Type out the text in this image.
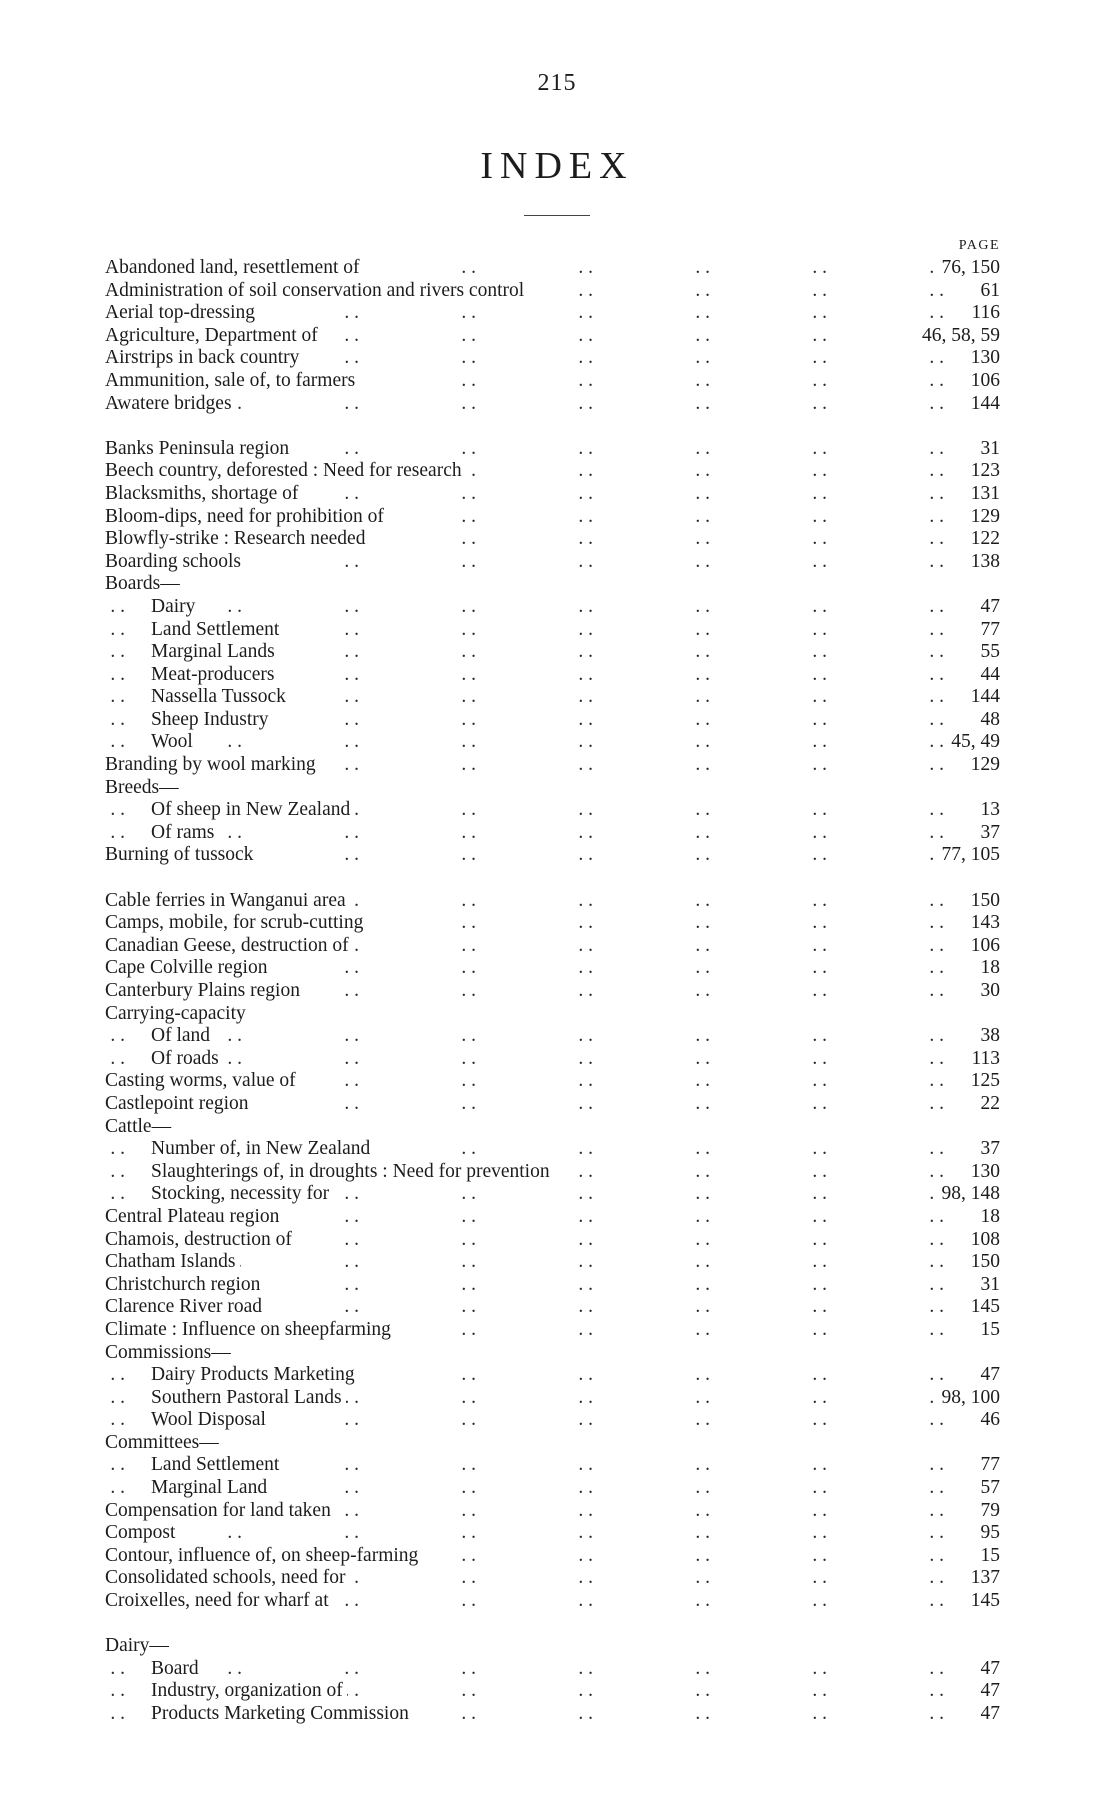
215
INDEX
PAGE
Abandoned land, resettlement of . .	76, 150
Administration of soil conservation and rivers control . .	61
Aerial top-dressing . .	116
Agriculture, Department of . .	46, 58, 59
Airstrips in back country . .	130
Ammunition, sale of, to farmers . .	106
Awatere bridges . .	144
Banks Peninsula region . .	31
Beech country, deforested : Need for research . .	123
Blacksmiths, shortage of . .	131
Bloom-dips, need for prohibition of . .	129
Blowfly-strike : Research needed . .	122
Boarding schools . .	138
Boards—
Dairy . .	47
Land Settlement . .	77
Marginal Lands . .	55
Meat-producers . .	44
Nassella Tussock . .	144
Sheep Industry . .	48
Wool . .	45, 49
Branding by wool marking . .	129
Breeds—
Of sheep in New Zealand . .	13
Of rams . .	37
Burning of tussock . .	77, 105
Cable ferries in Wanganui area . .	150
Camps, mobile, for scrub-cutting . .	143
Canadian Geese, destruction of . .	106
Cape Colville region . .	18
Canterbury Plains region . .	30
Carrying-capacity
Of land . .	38
Of roads . .	113
Casting worms, value of . .	125
Castlepoint region . .	22
Cattle—
Number of, in New Zealand . .	37
Slaughterings of, in droughts : Need for prevention . .	130
Stocking, necessity for . .	98, 148
Central Plateau region . .	18
Chamois, destruction of . .	108
Chatham Islands . .	150
Christchurch region . .	31
Clarence River road . .	145
Climate : Influence on sheepfarming . .	15
Commissions—
Dairy Products Marketing . .	47
Southern Pastoral Lands . .	98, 100
Wool Disposal . .	46
Committees—
Land Settlement . .	77
Marginal Land . .	57
Compensation for land taken . .	79
Compost . .	95
Contour, influence of, on sheep-farming . .	15
Consolidated schools, need for . .	137
Croixelles, need for wharf at . .	145
Dairy—
Board . .	47
Industry, organization of . .	47
Products Marketing Commission . .	47
